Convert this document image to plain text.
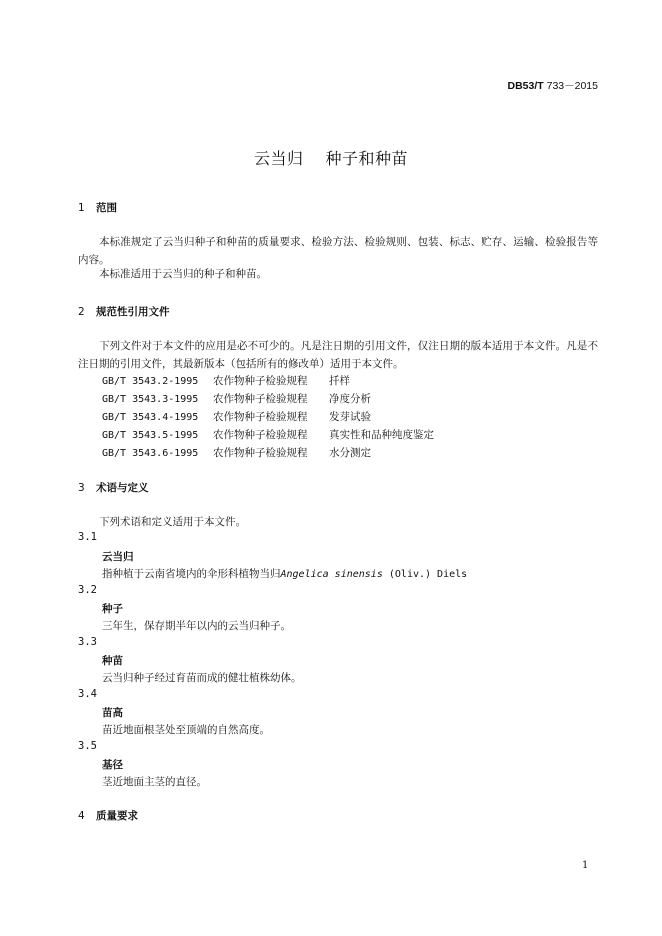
DB53/T 733－2015
云当归 种子和种苗
1 范围
本标准规定了云当归种子和种苗的质量要求、检验方法、检验规则、包装、标志、贮存、运输、检验报告等内容。
本标准适用于云当归的种子和种苗。
2 规范性引用文件
下列文件对于本文件的应用是必不可少的。凡是注日期的引用文件，仅注日期的版本适用于本文件。凡是不注日期的引用文件，其最新版本（包括所有的修改单）适用于本文件。
GB/T 3543.2-1995 农作物种子检验规程 扦样
GB/T 3543.3-1995 农作物种子检验规程 净度分析
GB/T 3543.4-1995 农作物种子检验规程 发芽试验
GB/T 3543.5-1995 农作物种子检验规程 真实性和品种纯度鉴定
GB/T 3543.6-1995 农作物种子检验规程 水分测定
3 术语与定义
下列术语和定义适用于本文件。
3.1
云当归
指种植于云南省境内的伞形科植物当归Angelica sinensis (Oliv.) Diels
3.2
种子
三年生，保存期半年以内的云当归种子。
3.3
种苗
云当归种子经过育苗而成的健壮植株幼体。
3.4
苗高
苗近地面根茎处至顶端的自然高度。
3.5
基径
茎近地面主茎的直径。
4 质量要求
1
